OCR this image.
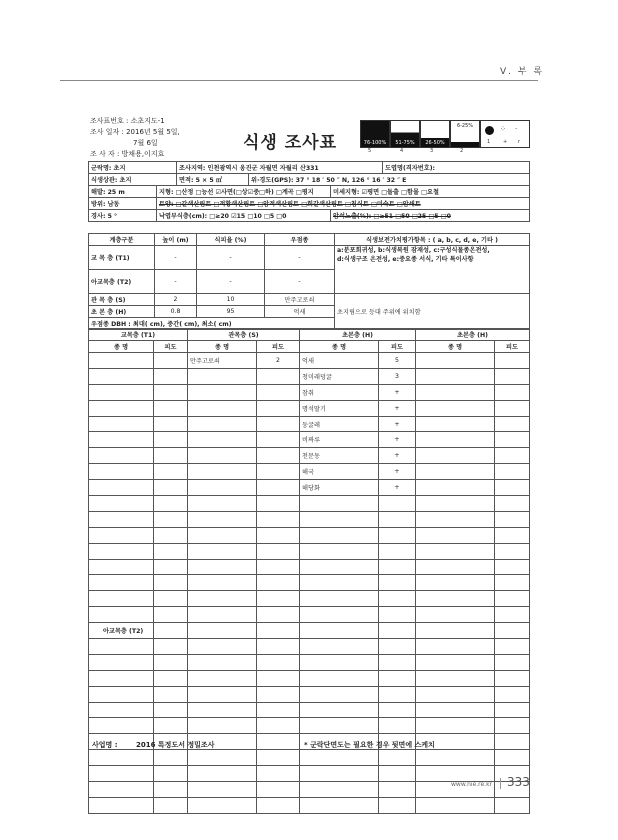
Ⅴ. 부 록
조사표번호 : 소초지도-1
조사 일자 : 2016년 5월 5일,
7월 6일
조 사 자 : 방채용,이지효
식생 조사표	76-100%	51-75%	26-50%
6-25%	⁘ ·
5	4	3	2
1	+ r
군락명: 초지		조사지역: 인천광역시 옹진군 자월면 자월리 산331			도엽명(격자번호):
식생상관: 초지		면적: 5 × 5 ㎡	위·경도(GPS): 37 ° 18 ′ 50 ″ N, 126 ° 16 ′ 32 ″ E		
해발: 25 m	지형: □산정 □능선 ☑사면(□상☑중□하) □계곡 □평지			미세지형: ☑평면 □돌출 □함몰 □요철	
방위: 남동	토양: □갈색산림토 □적황색산림토 □암적색산림토 □회갈색산림토 □침식토 □미숙토 □암쇄토				
경사: 5 °	낙엽부식층(cm): □≥20 ☑15 □10 □5 □0			암석노출(%): □≥51 □50 □25 □5 □0	
계층구분	높이 (m)	식피율 (%)	우점종	식생보전가치평가항목 : ( a, b, c, d, e, 기타 )
교 목 층 (T1)	-	-	-	a:분포희귀성, b:식생복원 잠재성, c:구성식물종온전성,
d:식생구조 온전성, e:중요종 서식, 기타 특이사항

아교목층 (T2)	-	-	-	
관 목 층 (S)	2	10	만주고로쇠	초지림으로 등대 주위에 위치함
초 본 층 (H)	0.8	95	억새	
우점종 DBH : 최대( cm), 중간( cm), 최소( cm)				
교목층 (T1)		관목층 (S)		초본층 (H)		초본층 (H)	
종 명	피도	종 명	피도	종 명	피도	종 명	피도
		만주고로쇠	2	억새	5		
				청미래덩굴	3		
				참취	+		
				명석딸기	+		
				둥굴레	+		
				비짜루	+		
				천문동	+		
				해국	+		
				해당화	+		

아교목층 (T2)							

사업명 :	2016 특정도서 정밀조사	* 군락단면도는 필요한 경우 뒷면에 스케치
www.nie.re.kr 333
